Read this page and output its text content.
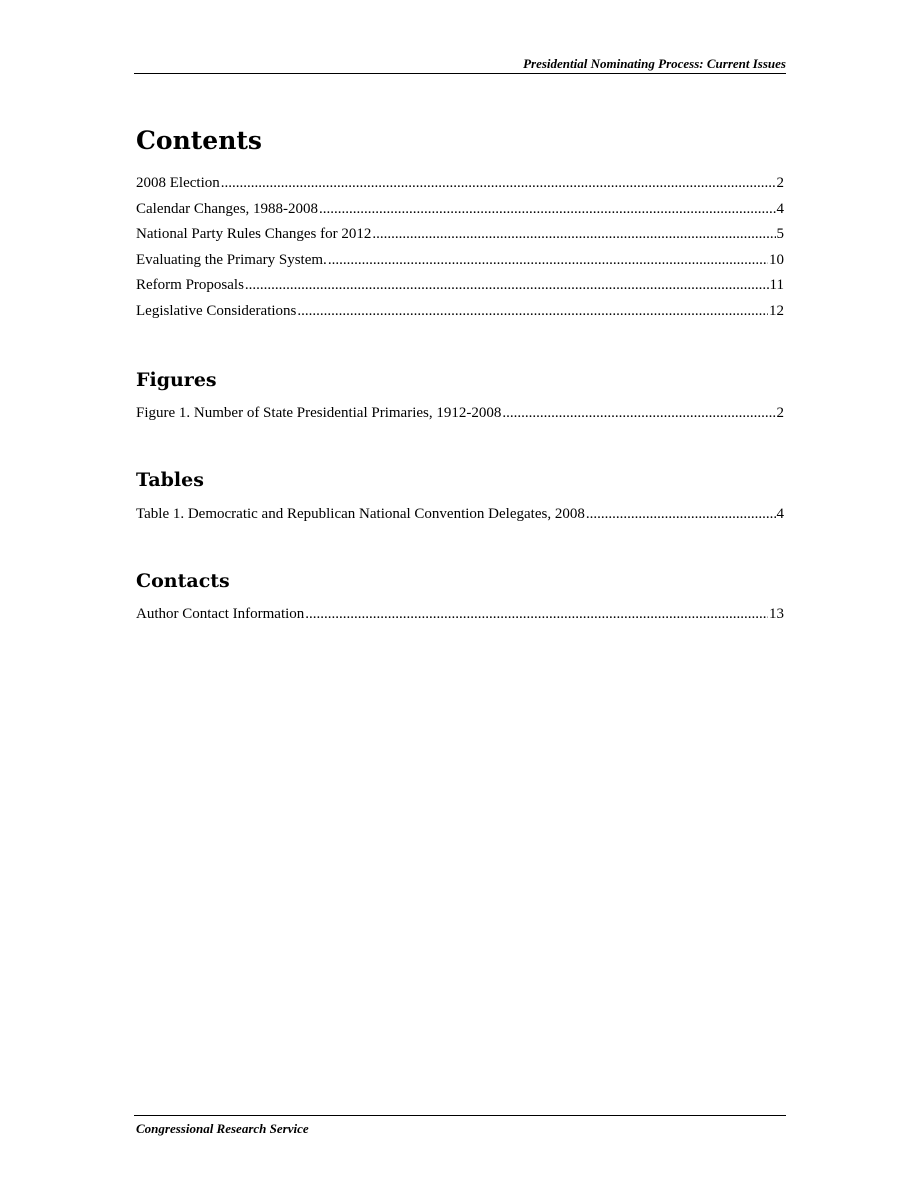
Presidential Nominating Process: Current Issues
Contents
2008 Election .....	2
Calendar Changes, 1988-2008 .....	4
National Party Rules Changes for 2012 .....	5
Evaluating the Primary System. .....	10
Reform Proposals .....	11
Legislative Considerations .....	12
Figures
Figure 1. Number of State Presidential Primaries, 1912-2008 .....	2
Tables
Table 1. Democratic and Republican National Convention Delegates, 2008 .....	4
Contacts
Author Contact Information .....	13
Congressional Research Service
